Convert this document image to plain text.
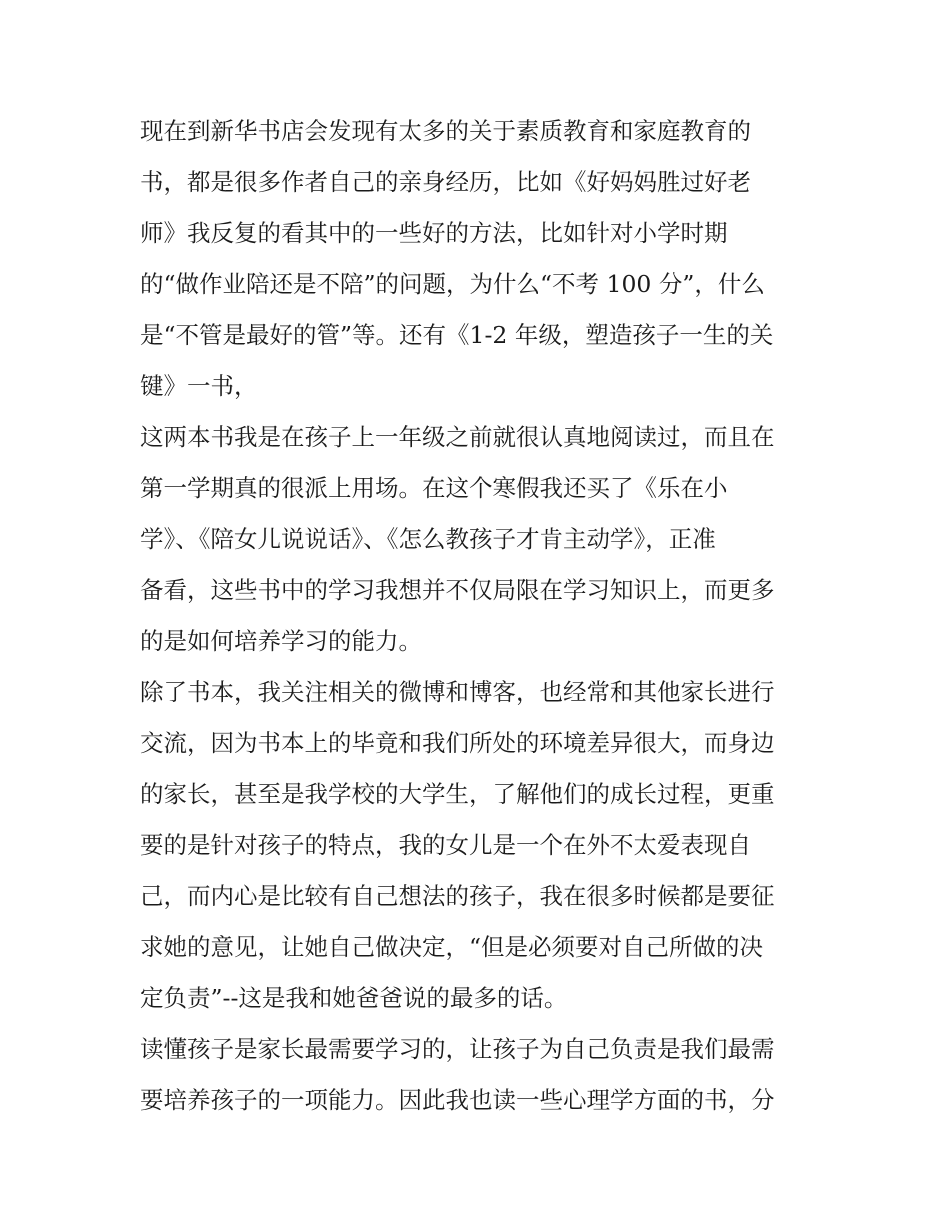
现在到新华书店会发现有太多的关于素质教育和家庭教育的
书，都是很多作者自己的亲身经历，比如《好妈妈胜过好老
师》我反复的看其中的一些好的方法，比如针对小学时期
的“做作业陪还是不陪”的问题，为什么“不考 100 分”，什么
是“不管是最好的管”等。还有《1-2 年级，塑造孩子一生的关
键》一书，
这两本书我是在孩子上一年级之前就很认真地阅读过，而且在
第一学期真的很派上用场。在这个寒假我还买了《乐在小
学》、《陪女儿说说话》、《怎么教孩子才肯主动学》，正准
备看，这些书中的学习我想并不仅局限在学习知识上，而更多
的是如何培养学习的能力。
除了书本，我关注相关的微博和博客，也经常和其他家长进行
交流，因为书本上的毕竟和我们所处的环境差异很大，而身边
的家长，甚至是我学校的大学生，了解他们的成长过程，更重
要的是针对孩子的特点，我的女儿是一个在外不太爱表现自
己，而内心是比较有自己想法的孩子，我在很多时候都是要征
求她的意见，让她自己做决定，“但是必须要对自己所做的决
定负责”--这是我和她爸爸说的最多的话。
读懂孩子是家长最需要学习的，让孩子为自己负责是我们最需
要培养孩子的一项能力。因此我也读一些心理学方面的书，分
